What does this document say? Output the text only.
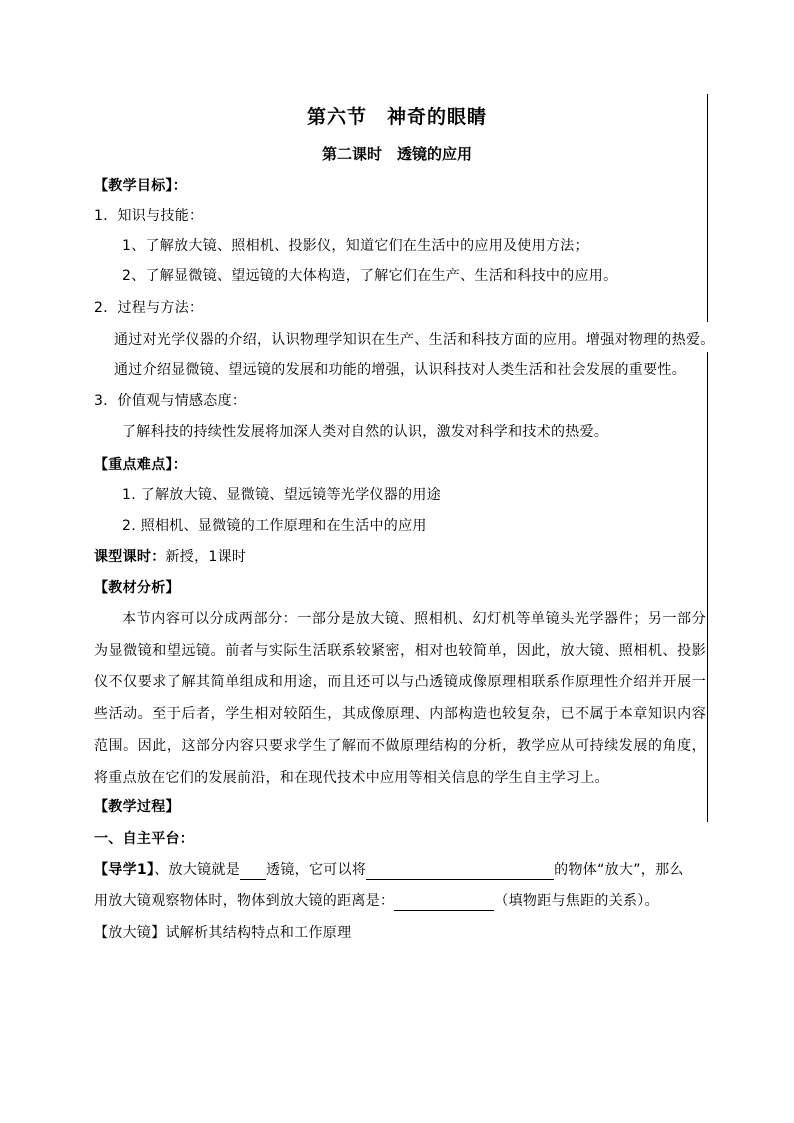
第六节　神奇的眼睛
第二课时　透镜的应用
【教学目标】：
1．知识与技能：
1、了解放大镜、照相机、投影仪，知道它们在生活中的应用及使用方法；
2、了解显微镜、望远镜的大体构造，了解它们在生产、生活和科技中的应用。
2．过程与方法：
通过对光学仪器的介绍，认识物理学知识在生产、生活和科技方面的应用。增强对物理的热爱。
通过介绍显微镜、望远镜的发展和功能的增强，认识科技对人类生活和社会发展的重要性。
3．价值观与情感态度：
了解科技的持续性发展将加深人类对自然的认识，激发对科学和技术的热爱。
【重点难点】：
1. 了解放大镜、显微镜、望远镜等光学仪器的用途
2. 照相机、显微镜的工作原理和在生活中的应用
课型课时：新授，1课时
【教材分析】
本节内容可以分成两部分：一部分是放大镜、照相机、幻灯机等单镜头光学器件；另一部分为显微镜和望远镜。前者与实际生活联系较紧密，相对也较简单，因此，放大镜、照相机、投影仪不仅要求了解其简单组成和用途，而且还可以与凸透镜成像原理相联系作原理性介绍并开展一些活动。至于后者，学生相对较陌生，其成像原理、内部构造也较复杂，已不属于本章知识内容范围。因此，这部分内容只要求学生了解而不做原理结构的分析，教学应从可持续发展的角度，将重点放在它们的发展前沿，和在现代技术中应用等相关信息的学生自主学习上。
【教学过程】
一、自主平台：
【导学1】、放大镜就是 透镜，它可以将	的物体“放大”，那么
用放大镜观察物体时，物体到放大镜的距离是：	（填物距与焦距的关系）。
【放大镜】试解析其结构特点和工作原理
